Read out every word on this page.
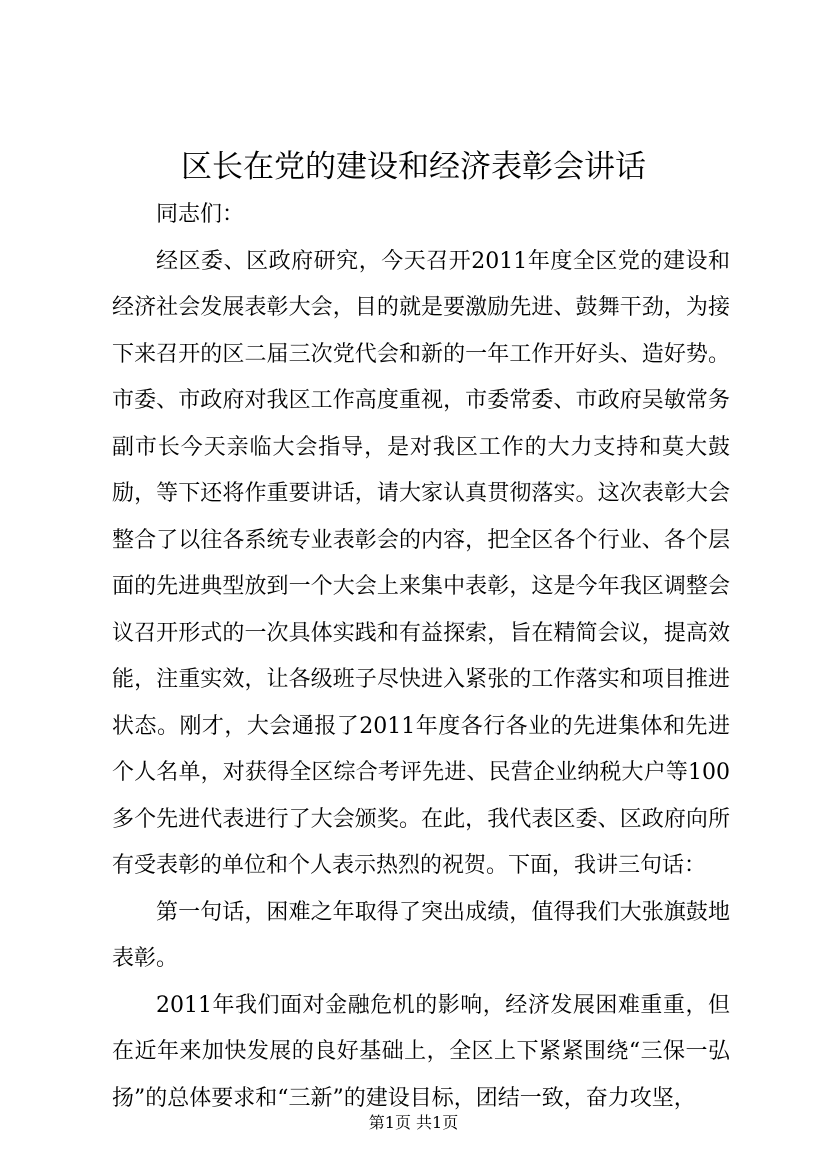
区长在党的建设和经济表彰会讲话

同志们：

经区委、区政府研究，今天召开2011年度全区党的建设和经济社会发展表彰大会，目的就是要激励先进、鼓舞干劲，为接下来召开的区二届三次党代会和新的一年工作开好头、造好势。市委、市政府对我区工作高度重视，市委常委、市政府吴敏常务副市长今天亲临大会指导，是对我区工作的大力支持和莫大鼓励，等下还将作重要讲话，请大家认真贯彻落实。这次表彰大会整合了以往各系统专业表彰会的内容，把全区各个行业、各个层面的先进典型放到一个大会上来集中表彰，这是今年我区调整会议召开形式的一次具体实践和有益探索，旨在精简会议，提高效能，注重实效，让各级班子尽快进入紧张的工作落实和项目推进状态。刚才，大会通报了2011年度各行各业的先进集体和先进个人名单，对获得全区综合考评先进、民营企业纳税大户等100多个先进代表进行了大会颁奖。在此，我代表区委、区政府向所有受表彰的单位和个人表示热烈的祝贺。下面，我讲三句话：

第一句话，困难之年取得了突出成绩，值得我们大张旗鼓地表彰。

2011年我们面对金融危机的影响，经济发展困难重重，但在近年来加快发展的良好基础上，全区上下紧紧围绕“三保一弘扬”的总体要求和“三新”的建设目标，团结一致，奋力攻坚，

第1页 共1页
